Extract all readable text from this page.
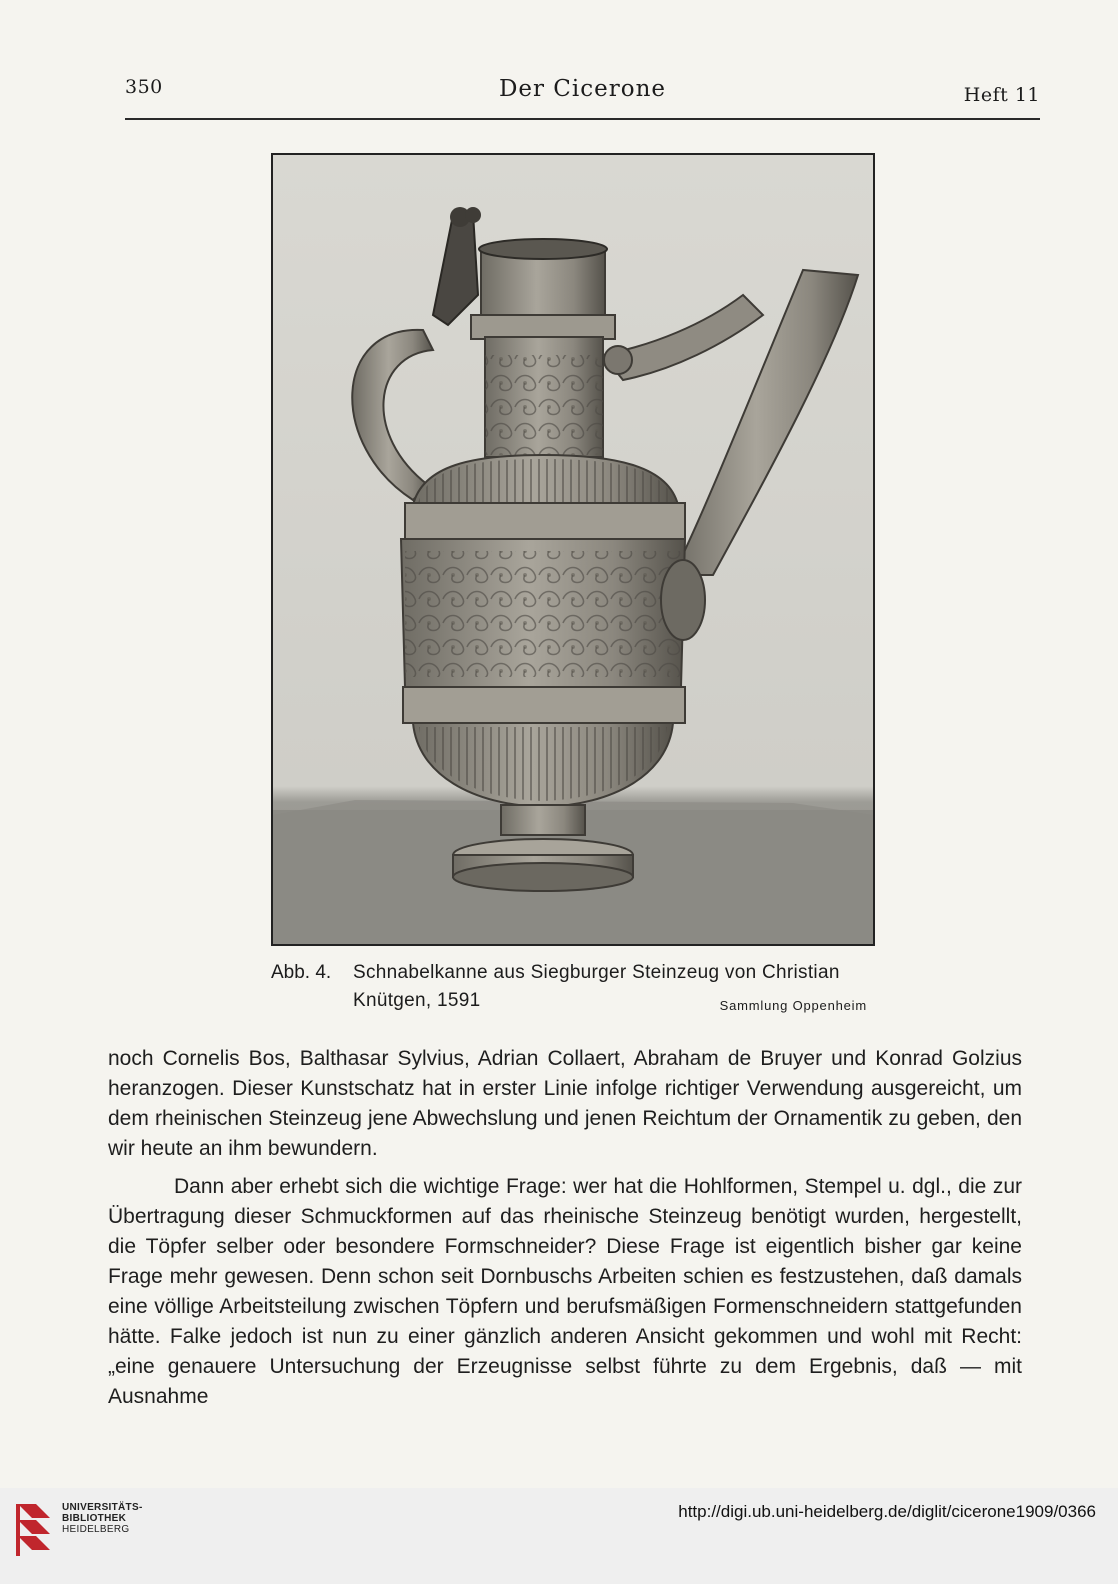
350	Der Cicerone	Heft 11
Abb. 4. Schnabelkanne aus Siegburger Steinzeug von Christian
Knütgen, 1591	Sammlung Oppenheim

noch Cornelis Bos, Balthasar Sylvius, Adrian Collaert, Abraham de Bruyer und Konrad Golzius heranzogen. Dieser Kunstschatz hat in erster Linie infolge richtiger Verwendung ausgereicht, um dem rheinischen Steinzeug jene Abwechslung und jenen Reichtum der Ornamentik zu geben, den wir heute an ihm bewundern.

Dann aber erhebt sich die wichtige Frage: wer hat die Hohlformen, Stempel u. dgl., die zur Übertragung dieser Schmuckformen auf das rheinische Steinzeug benötigt wurden, hergestellt, die Töpfer selber oder besondere Formschneider? Diese Frage ist eigentlich bisher gar keine Frage mehr gewesen. Denn schon seit Dornbuschs Arbeiten schien es festzustehen, daß damals eine völlige Arbeitsteilung zwischen Töpfern und berufsmäßigen Formenschneidern stattgefunden hätte. Falke jedoch ist nun zu einer gänzlich anderen Ansicht gekommen und wohl mit Recht: „eine genauere Untersuchung der Erzeugnisse selbst führte zu dem Ergebnis, daß — mit Ausnahme

UNIVERSITÄTS-
BIBLIOTHEK
HEIDELBERG
http://digi.ub.uni-heidelberg.de/diglit/cicerone1909/0366
